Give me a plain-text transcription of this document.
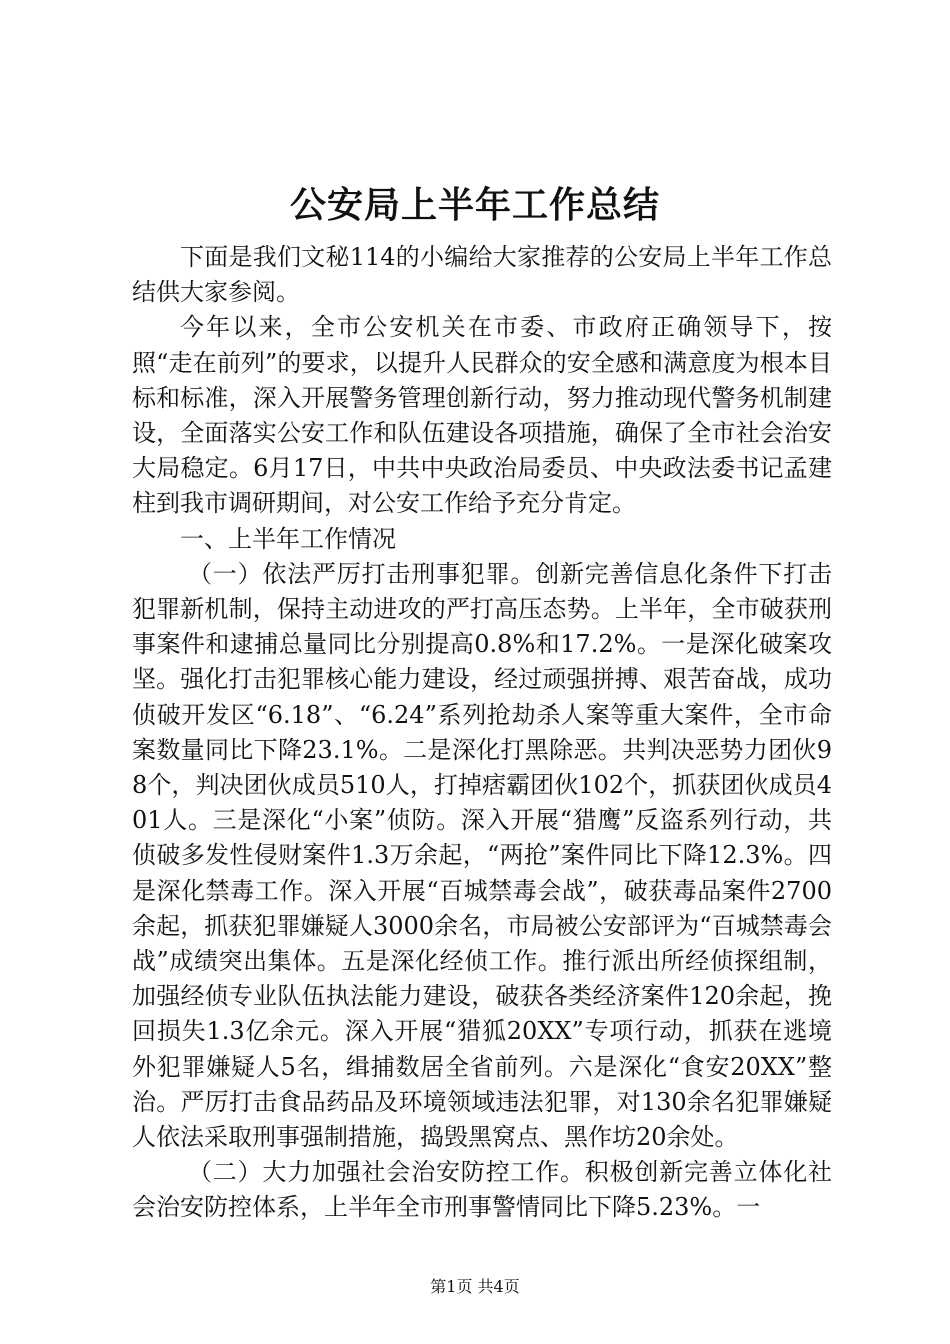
公安局上半年工作总结

下面是我们文秘114的小编给大家推荐的公安局上半年工作总结供大家参阅。

今年以来，全市公安机关在市委、市政府正确领导下，按照“走在前列”的要求，以提升人民群众的安全感和满意度为根本目标和标准，深入开展警务管理创新行动，努力推动现代警务机制建设，全面落实公安工作和队伍建设各项措施，确保了全市社会治安大局稳定。6月17日，中共中央政治局委员、中央政法委书记孟建柱到我市调研期间，对公安工作给予充分肯定。

一、上半年工作情况

（一）依法严厉打击刑事犯罪。创新完善信息化条件下打击犯罪新机制，保持主动进攻的严打高压态势。上半年，全市破获刑事案件和逮捕总量同比分别提高0.8%和17.2%。一是深化破案攻坚。强化打击犯罪核心能力建设，经过顽强拼搏、艰苦奋战，成功侦破开发区“6.18”、“6.24”系列抢劫杀人案等重大案件，全市命案数量同比下降23.1%。二是深化打黑除恶。共判决恶势力团伙98个，判决团伙成员510人，打掉痞霸团伙102个，抓获团伙成员401人。三是深化“小案”侦防。深入开展“猎鹰”反盗系列行动，共侦破多发性侵财案件1.3万余起，“两抢”案件同比下降12.3%。四是深化禁毒工作。深入开展“百城禁毒会战”，破获毒品案件2700余起，抓获犯罪嫌疑人3000余名，市局被公安部评为“百城禁毒会战”成绩突出集体。五是深化经侦工作。推行派出所经侦探组制，加强经侦专业队伍执法能力建设，破获各类经济案件120余起，挽回损失1.3亿余元。深入开展“猎狐20XX”专项行动，抓获在逃境外犯罪嫌疑人5名，缉捕数居全省前列。六是深化“食安20XX”整治。严厉打击食品药品及环境领域违法犯罪，对130余名犯罪嫌疑人依法采取刑事强制措施，捣毁黑窝点、黑作坊20余处。

（二）大力加强社会治安防控工作。积极创新完善立体化社会治安防控体系，上半年全市刑事警情同比下降5.23%。一

第1页 共4页
